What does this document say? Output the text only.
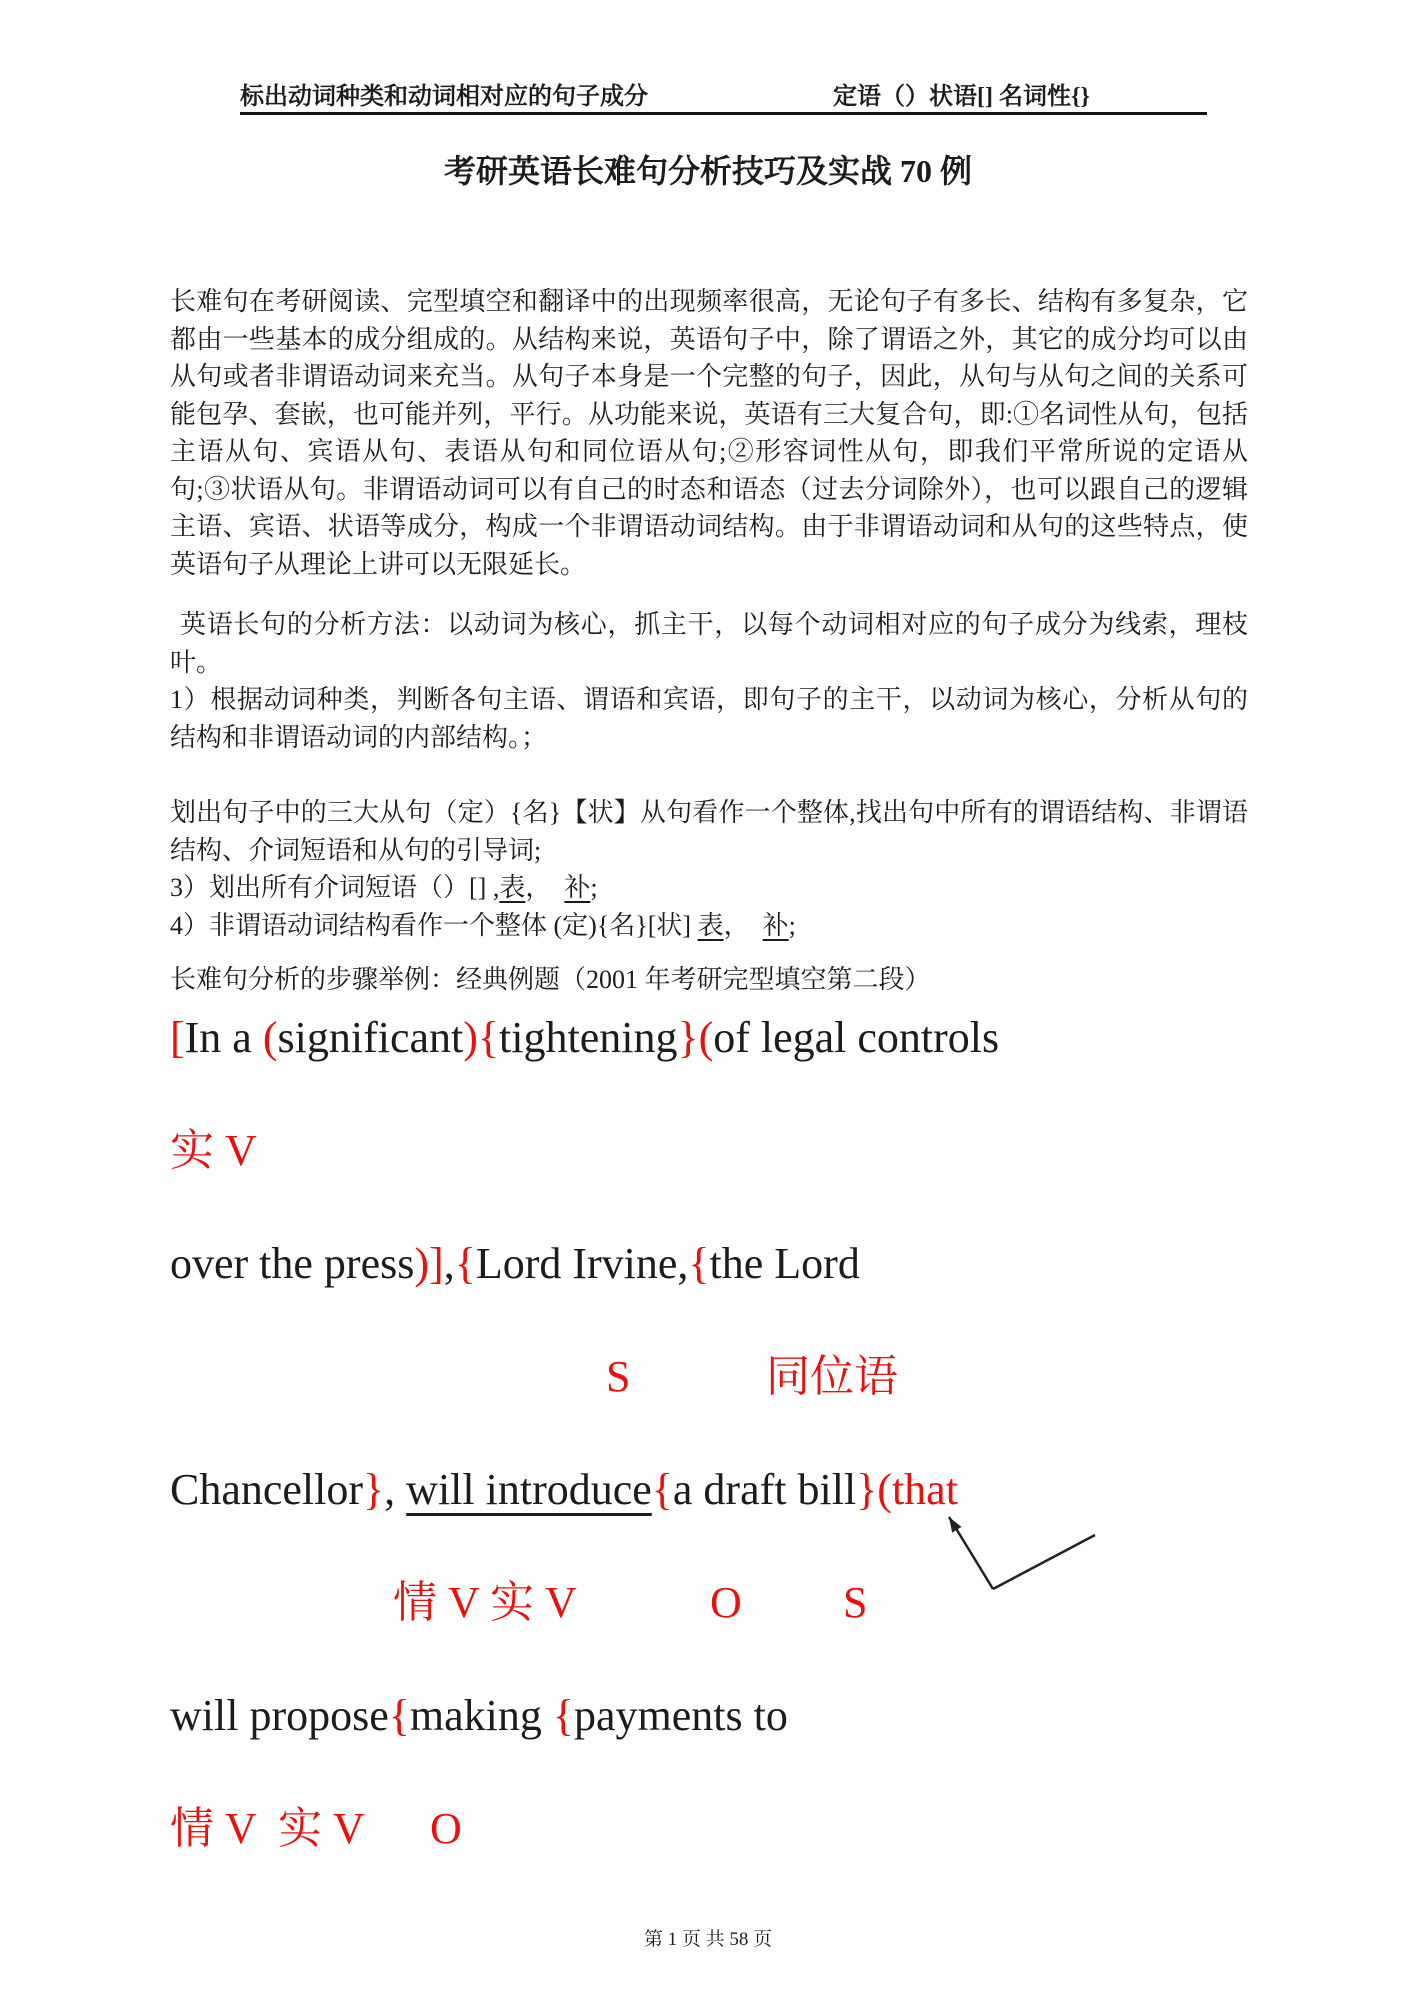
标出动词种类和动词相对应的句子成分	定语（）状语[] 名词性{}
考研英语长难句分析技巧及实战 70 例

长难句在考研阅读、完型填空和翻译中的出现频率很高，无论句子有多长、结构有多复杂，它都由一些基本的成分组成的。从结构来说，英语句子中，除了谓语之外，其它的成分均可以由从句或者非谓语动词来充当。从句子本身是一个完整的句子，因此，从句与从句之间的关系可能包孕、套嵌，也可能并列，平行。从功能来说，英语有三大复合句，即:①名词性从句，包括主语从句、宾语从句、表语从句和同位语从句;②形容词性从句，即我们平常所说的定语从句;③状语从句。非谓语动词可以有自己的时态和语态（过去分词除外），也可以跟自己的逻辑主语、宾语、状语等成分，构成一个非谓语动词结构。由于非谓语动词和从句的这些特点，使英语句子从理论上讲可以无限延长。

英语长句的分析方法：以动词为核心，抓主干，以每个动词相对应的句子成分为线索，理枝叶。

1）根据动词种类，判断各句主语、谓语和宾语，即句子的主干，以动词为核心，分析从句的结构和非谓语动词的内部结构。；

划出句子中的三大从句（定）{名}【状】从句看作一个整体,找出句中所有的谓语结构、非谓语结构、介词短语和从句的引导词;

3）划出所有介词短语（）[] ,表，  补;

4）非谓语动词结构看作一个整体 (定){名}[状] 表，  补;

长难句分析的步骤举例：经典例题（2001 年考研完型填空第二段）

[In a (significant){tightening}(of legal controls
实 V
over the press)],{Lord Irvine,{the Lord
S	同位语
Chancellor}, will introduce{a draft bill}(that
情 V 实 V	O S
will propose{making {payments to
情 V  实 V O
第 1 页 共 58 页
